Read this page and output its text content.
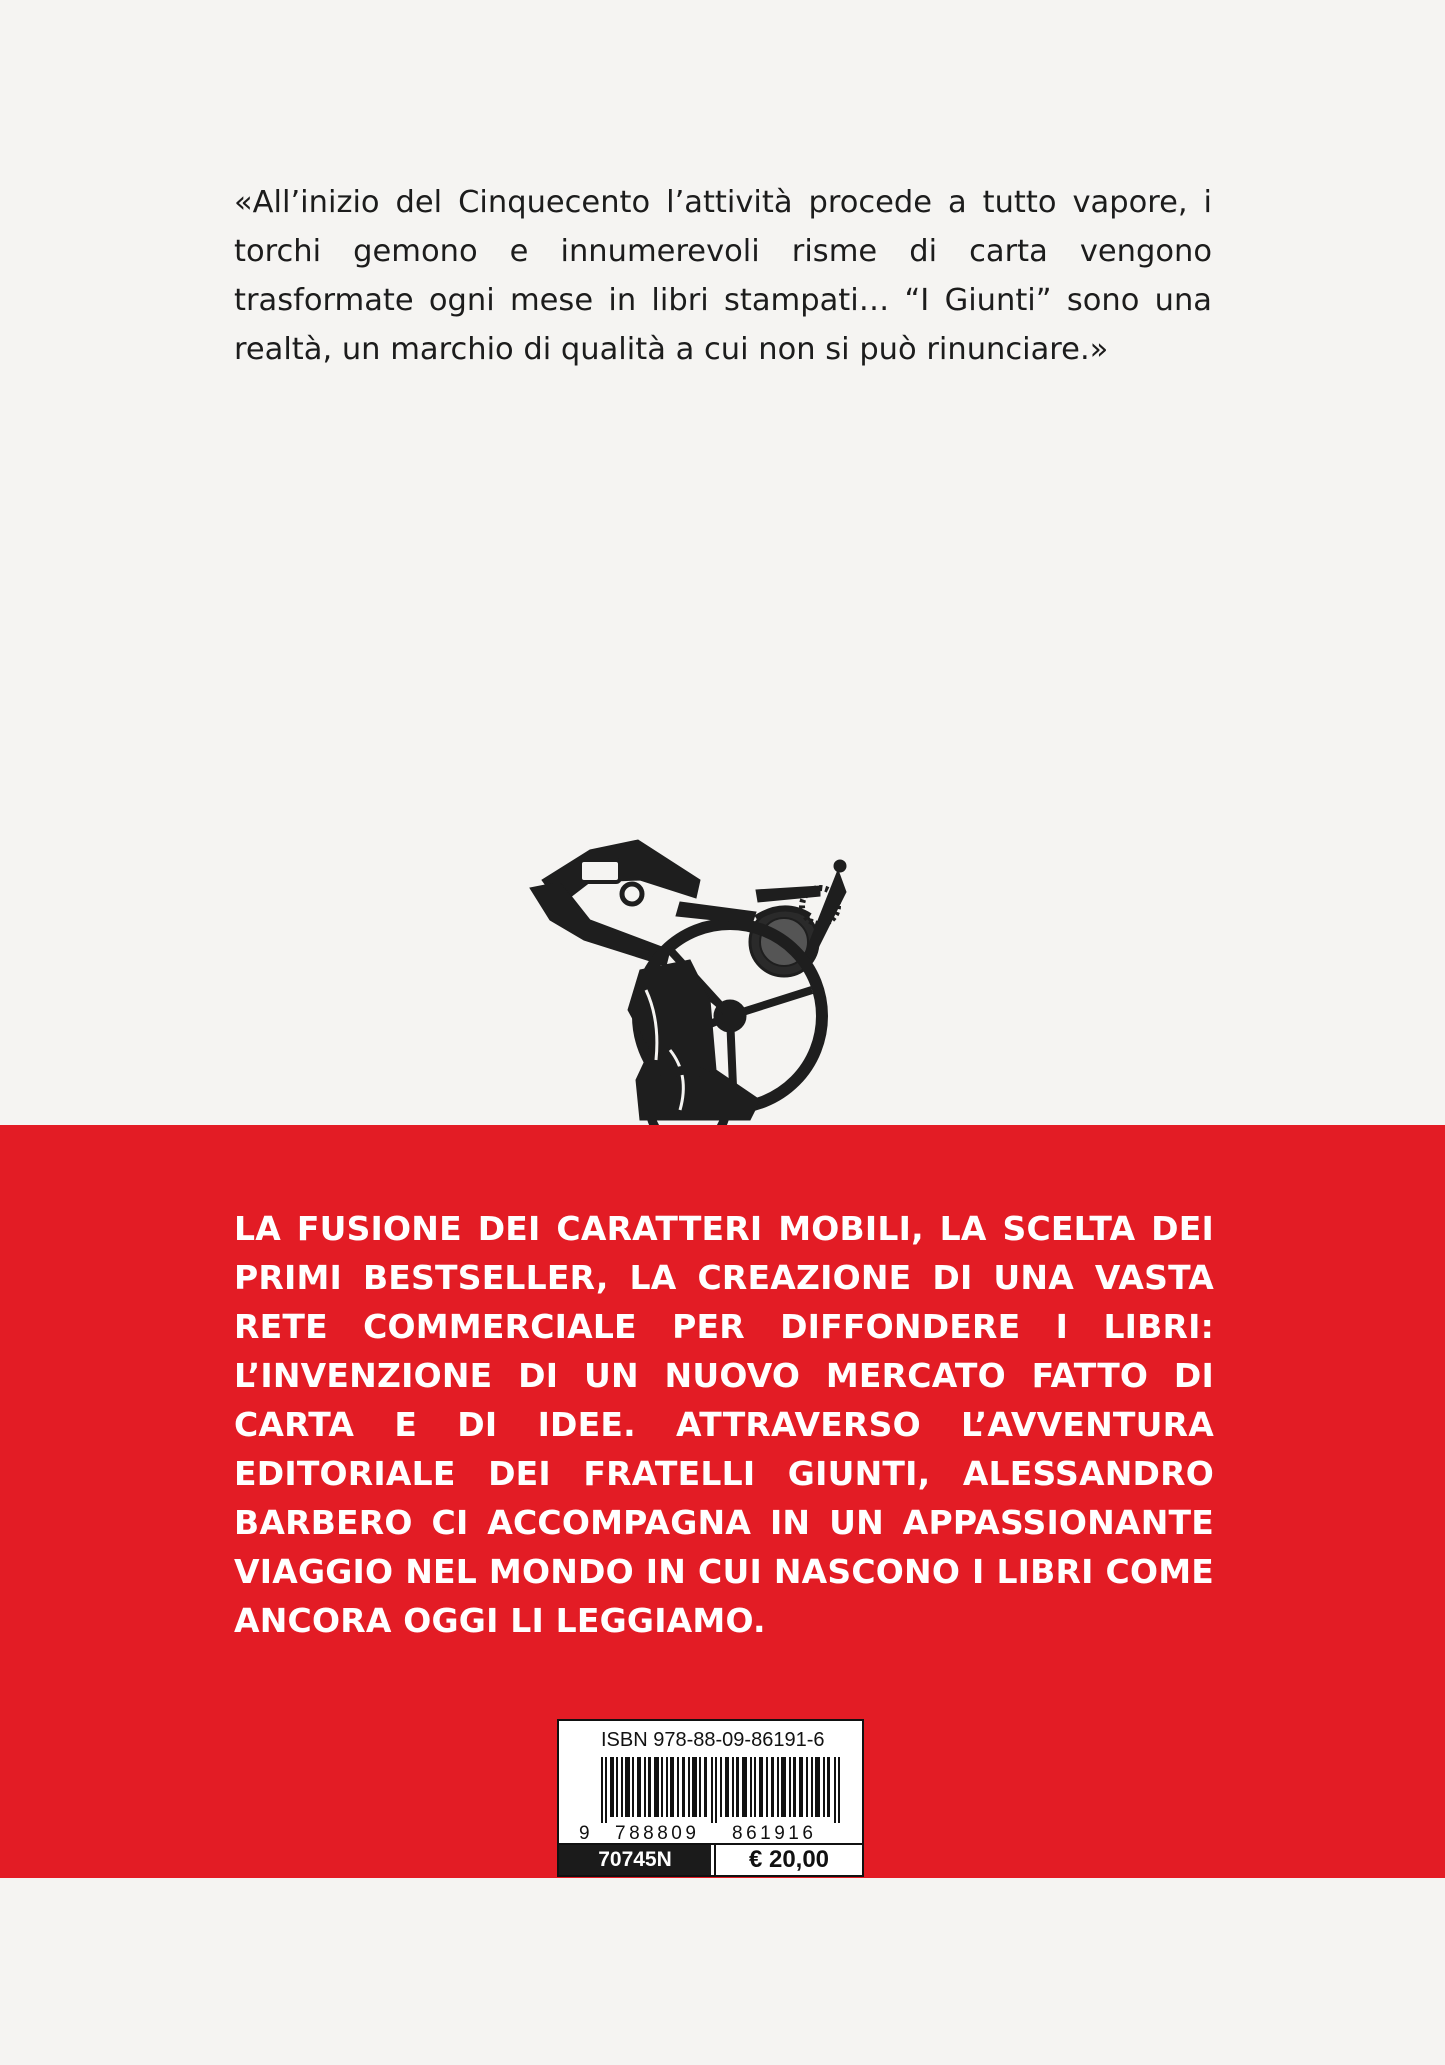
«All’inizio del Cinquecento l’attività procede a tutto vapore, i torchi gemono e innumerevoli risme di carta vengono trasformate ogni mese in libri stampati… “I Giunti” sono una realtà, un marchio di qualità a cui non si può rinunciare.»

LA FUSIONE DEI CARATTERI MOBILI, LA SCELTA DEI PRIMI BESTSELLER, LA CREAZIONE DI UNA VASTA RETE COMMERCIALE PER DIFFONDERE I LIBRI: L’INVENZIONE DI UN NUOVO MERCATO FATTO DI CARTA E DI IDEE. ATTRAVERSO L’AVVENTURA EDITORIALE DEI FRATELLI GIUNTI, ALESSANDRO BARBERO CI ACCOMPAGNA IN UN APPASSIONANTE VIAGGIO NEL MONDO IN CUI NASCONO I LIBRI COME ANCORA OGGI LI LEGGIAMO.

ISBN 978-88-09-86191-6
9 788809 861916
70745N	€ 20,00
